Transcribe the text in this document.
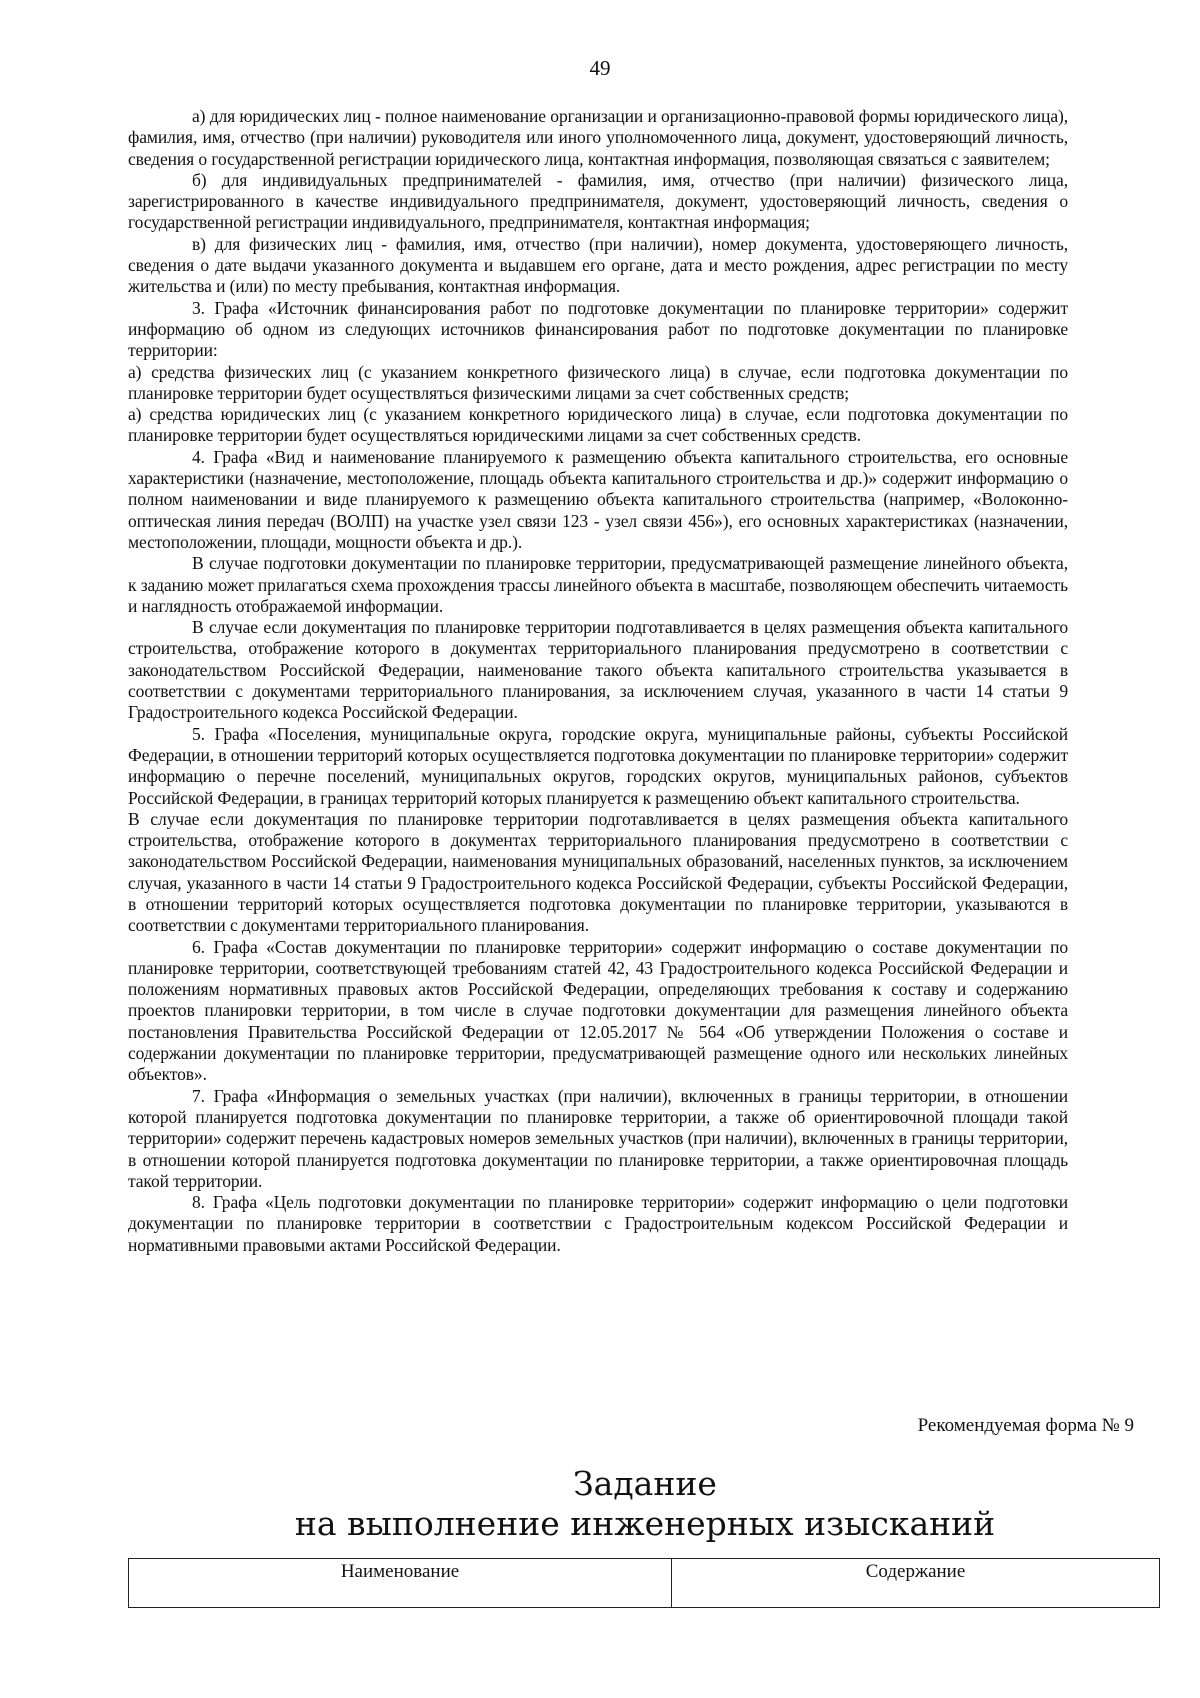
49

а) для юридических лиц - полное наименование организации и организационно-правовой формы юридического лица), фамилия, имя, отчество (при наличии) руководителя или иного уполномоченного лица, документ, удостоверяющий личность, сведения о государственной регистрации юридического лица, контактная информация, позволяющая связаться с заявителем;

б) для индивидуальных предпринимателей - фамилия, имя, отчество (при наличии) физического лица, зарегистрированного в качестве индивидуального предпринимателя, документ, удостоверяющий личность, сведения о государственной регистрации индивидуального, предпринимателя, контактная информация;

в) для физических лиц - фамилия, имя, отчество (при наличии), номер документа, удостоверяющего личность, сведения о дате выдачи указанного документа и выдавшем его органе, дата и место рождения, адрес регистрации по месту жительства и (или) по месту пребывания, контактная информация.

3. Графа «Источник финансирования работ по подготовке документации по планировке территории» содержит информацию об одном из следующих источников финансирования работ по подготовке документации по планировке территории:

а) средства физических лиц (с указанием конкретного физического лица) в случае, если подготовка документации по планировке территории будет осуществляться физическими лицами за счет собственных средств;

а) средства юридических лиц (с указанием конкретного юридического лица) в случае, если подготовка документации по планировке территории будет осуществляться юридическими лицами за счет собственных средств.

4. Графа «Вид и наименование планируемого к размещению объекта капитального строительства, его основные характеристики (назначение, местоположение, площадь объекта капитального строительства и др.)» содержит информацию о полном наименовании и виде планируемого к размещению объекта капитального строительства (например, «Волоконно-оптическая линия передач (ВОЛП) на участке узел связи 123 - узел связи 456»), его основных характеристиках (назначении, местоположении, площади, мощности объекта и др.).

В случае подготовки документации по планировке территории, предусматривающей размещение линейного объекта, к заданию может прилагаться схема прохождения трассы линейного объекта в масштабе, позволяющем обеспечить читаемость и наглядность отображаемой информации.

В случае если документация по планировке территории подготавливается в целях размещения объекта капитального строительства, отображение которого в документах территориального планирования предусмотрено в соответствии с законодательством Российской Федерации, наименование такого объекта капитального строительства указывается в соответствии с документами территориального планирования, за исключением случая, указанного в части 14 статьи 9 Градостроительного кодекса Российской Федерации.

5. Графа «Поселения, муниципальные округа, городские округа, муниципальные районы, субъекты Российской Федерации, в отношении территорий которых осуществляется подготовка документации по планировке территории» содержит информацию о перечне поселений, муниципальных округов, городских округов, муниципальных районов, субъектов Российской Федерации, в границах территорий которых планируется к размещению объект капитального строительства.

В случае если документация по планировке территории подготавливается в целях размещения объекта капитального строительства, отображение которого в документах территориального планирования предусмотрено в соответствии с законодательством Российской Федерации, наименования муниципальных образований, населенных пунктов, за исключением случая, указанного в части 14 статьи 9 Градостроительного кодекса Российской Федерации, субъекты Российской Федерации, в отношении территорий которых осуществляется подготовка документации по планировке территории, указываются в соответствии с документами территориального планирования.

6. Графа «Состав документации по планировке территории» содержит информацию о составе документации по планировке территории, соответствующей требованиям статей 42, 43 Градостроительного кодекса Российской Федерации и положениям нормативных правовых актов Российской Федерации, определяющих требования к составу и содержанию проектов планировки территории, в том числе в случае подготовки документации для размещения линейного объекта постановления Правительства Российской Федерации от 12.05.2017 № 564 «Об утверждении Положения о составе и содержании документации по планировке территории, предусматривающей размещение одного или нескольких линейных объектов».

7. Графа «Информация о земельных участках (при наличии), включенных в границы территории, в отношении которой планируется подготовка документации по планировке территории, а также об ориентировочной площади такой территории» содержит перечень кадастровых номеров земельных участков (при наличии), включенных в границы территории, в отношении которой планируется подготовка документации по планировке территории, а также ориентировочная площадь такой территории.

8. Графа «Цель подготовки документации по планировке территории» содержит информацию о цели подготовки документации по планировке территории в соответствии с Градостроительным кодексом Российской Федерации и нормативными правовыми актами Российской Федерации.

Рекомендуемая форма № 9
Задание
на выполнение инженерных изысканий
Наименование	Содержание
